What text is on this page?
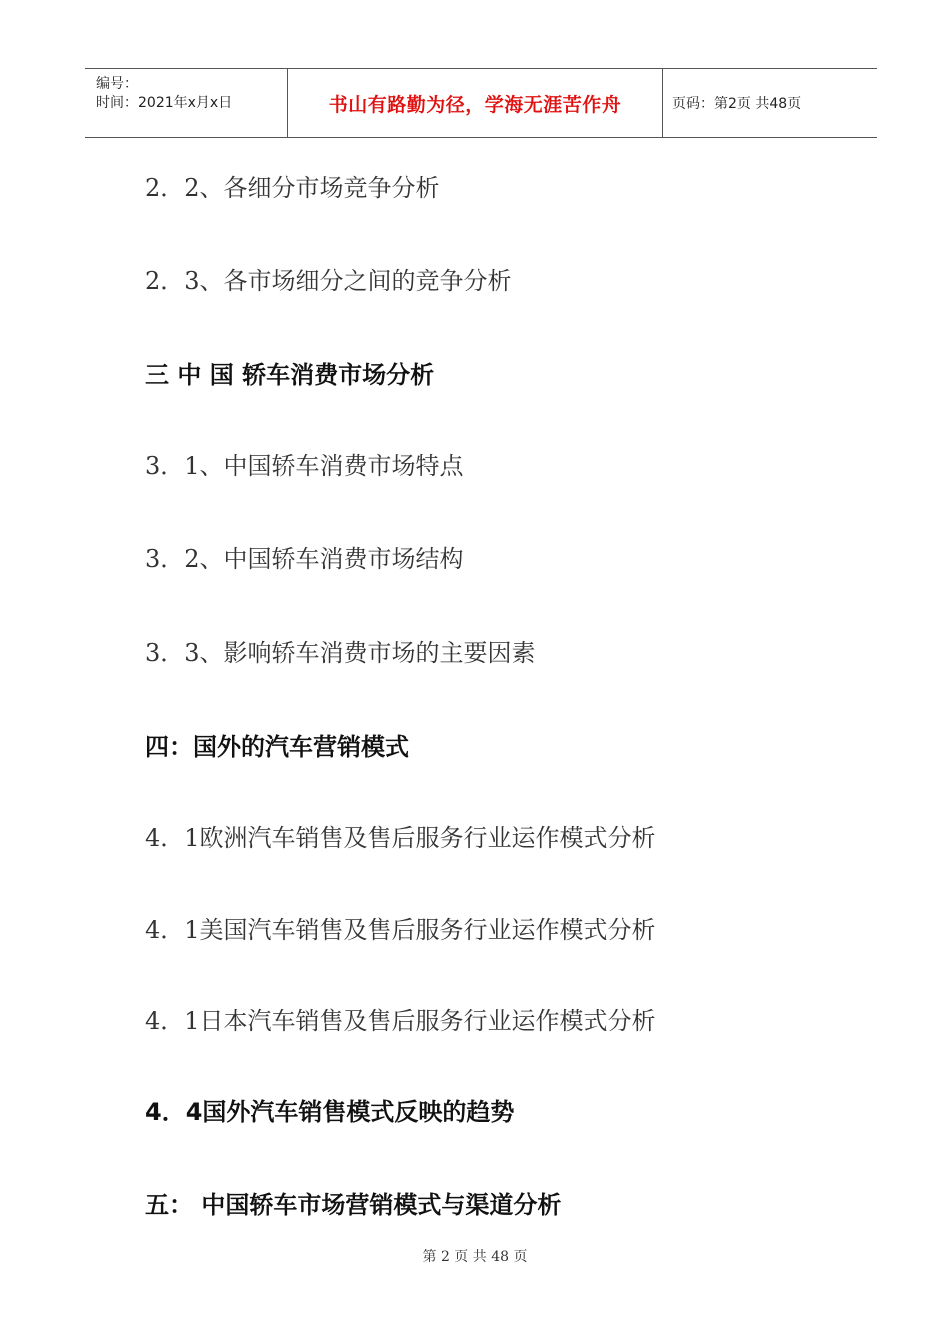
编号：
时间：2021年x月x日	书山有路勤为径，学海无涯苦作舟	页码：第2页 共48页
2．2、各细分市场竞争分析
2．3、各市场细分之间的竞争分析
三 中 国 轿车消费市场分析
3．1、中国轿车消费市场特点
3．2、中国轿车消费市场结构
3．3、影响轿车消费市场的主要因素
四：国外的汽车营销模式
4．1欧洲汽车销售及售后服务行业运作模式分析
4．1美国汽车销售及售后服务行业运作模式分析
4．1日本汽车销售及售后服务行业运作模式分析
4．4国外汽车销售模式反映的趋势
五： 中国轿车市场营销模式与渠道分析
第 2 页 共 48 页
